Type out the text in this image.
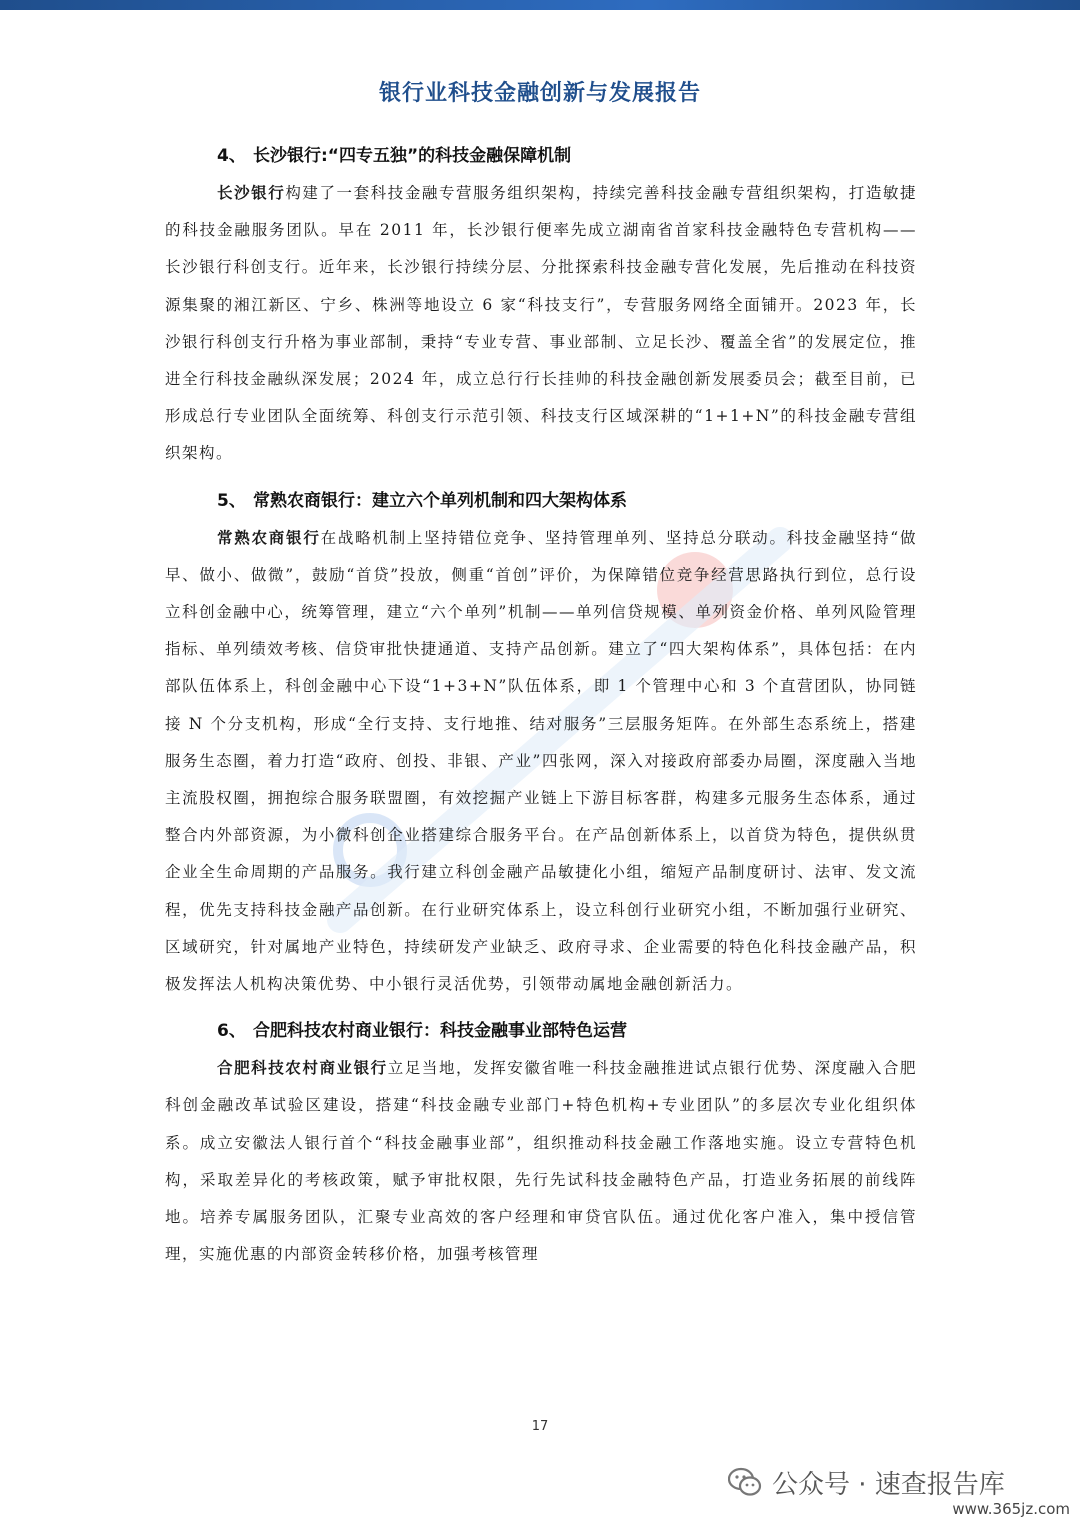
银行业科技金融创新与发展报告
4、 长沙银行:“四专五独”的科技金融保障机制

长沙银行构建了一套科技金融专营服务组织架构，持续完善科技金融专营组织架构，打造敏捷的科技金融服务团队。早在 2011 年，长沙银行便率先成立湖南省首家科技金融特色专营机构——长沙银行科创支行。近年来，长沙银行持续分层、分批探索科技金融专营化发展，先后推动在科技资源集聚的湘江新区、宁乡、株洲等地设立 6 家“科技支行”，专营服务网络全面铺开。2023 年，长沙银行科创支行升格为事业部制，秉持“专业专营、事业部制、立足长沙、覆盖全省”的发展定位，推进全行科技金融纵深发展；2024 年，成立总行行长挂帅的科技金融创新发展委员会；截至目前，已形成总行专业团队全面统筹、科创支行示范引领、科技支行区域深耕的“1+1+N”的科技金融专营组织架构。

5、 常熟农商银行：建立六个单列机制和四大架构体系

常熟农商银行在战略机制上坚持错位竞争、坚持管理单列、坚持总分联动。科技金融坚持“做早、做小、做微”，鼓励“首贷”投放，侧重“首创”评价，为保障错位竞争经营思路执行到位，总行设立科创金融中心，统筹管理，建立“六个单列”机制——单列信贷规模、单列资金价格、单列风险管理指标、单列绩效考核、信贷审批快捷通道、支持产品创新。建立了“四大架构体系”，具体包括：在内部队伍体系上，科创金融中心下设“1+3+N”队伍体系，即 1 个管理中心和 3 个直营团队，协同链接 N 个分支机构，形成“全行支持、支行地推、结对服务”三层服务矩阵。在外部生态系统上，搭建服务生态圈，着力打造“政府、创投、非银、产业”四张网，深入对接政府部委办局圈，深度融入当地主流股权圈，拥抱综合服务联盟圈，有效挖掘产业链上下游目标客群，构建多元服务生态体系，通过整合内外部资源，为小微科创企业搭建综合服务平台。在产品创新体系上，以首贷为特色，提供纵贯企业全生命周期的产品服务。我行建立科创金融产品敏捷化小组，缩短产品制度研讨、法审、发文流程，优先支持科技金融产品创新。在行业研究体系上，设立科创行业研究小组，不断加强行业研究、区域研究，针对属地产业特色，持续研发产业缺乏、政府寻求、企业需要的特色化科技金融产品，积极发挥法人机构决策优势、中小银行灵活优势，引领带动属地金融创新活力。

6、 合肥科技农村商业银行：科技金融事业部特色运营

合肥科技农村商业银行立足当地，发挥安徽省唯一科技金融推进试点银行优势、深度融入合肥科创金融改革试验区建设，搭建“科技金融专业部门+特色机构+专业团队”的多层次专业化组织体系。成立安徽法人银行首个“科技金融事业部”，组织推动科技金融工作落地实施。设立专营特色机构，采取差异化的考核政策，赋予审批权限，先行先试科技金融特色产品，打造业务拓展的前线阵地。培养专属服务团队，汇聚专业高效的客户经理和审贷官队伍。通过优化客户准入，集中授信管理，实施优惠的内部资金转移价格，加强考核管理

17
公众号 · 速查报告库
www.365jz.com
